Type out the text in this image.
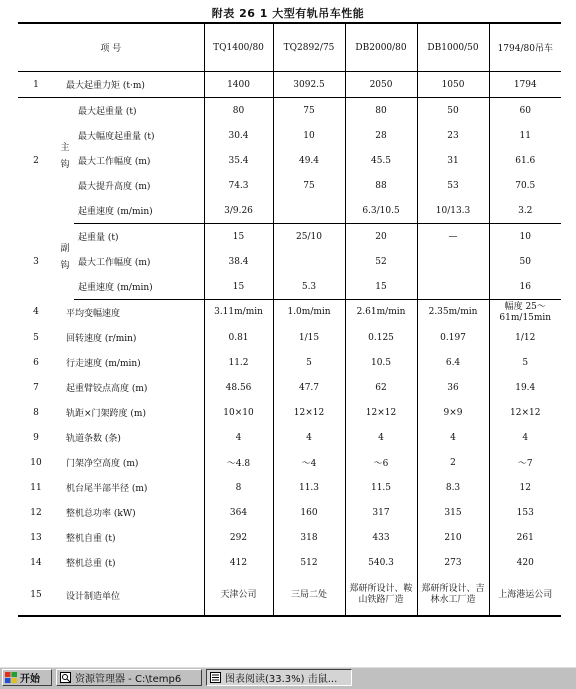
附表 26 1 大型有轨吊车性能
项 号			TQ1400/80	TQ2892/75	DB2000/80	DB1000/50	1794/80吊车
1	最大起重力矩 (t·m)		1400	3092.5	2050	1050	1794
2	主钩	最大起重量 (t)	80	75	80	50	60
		最大幅度起重量 (t)	30.4	10	28	23	11
		最大工作幅度 (m)	35.4	49.4	45.5	31	61.6
		最大提升高度 (m)	74.3	75	88	53	70.5
		起重速度 (m/min)	3/9.26		6.3/10.5	10/13.3	3.2
3	副钩	起重量 (t)	15	25/10	20	—	10
		最大工作幅度 (m)	38.4		52		50
		起重速度 (m/min)	15	5.3	15		16
4	平均变幅速度		3.11m/min	1.0m/min	2.61m/min	2.35m/min	幅度 25～61m/15min
5	回转速度 (r/min)		0.81	1/15	0.125	0.197	1/12
6	行走速度 (m/min)		11.2	5	10.5	6.4	5
7	起重臂铰点高度 (m)		48.56	47.7	62	36	19.4
8	轨距×门架跨度 (m)		10×10	12×12	12×12	9×9	12×12
9	轨道条数 (条)		4	4	4	4	4
10	门架净空高度 (m)		～4.8	～4	～6	2	～7
11	机台尾半部半径 (m)		8	11.3	11.5	8.3	12
12	整机总功率 (kW)		364	160	317	315	153
13	整机自重 (t)		292	318	433	210	261
14	整机总重 (t)		412	512	540.3	273	420
15	设计制造单位		天津公司	三局二处	郑研所设计、鞍山铁路厂造	郑研所设计、吉林水工厂造	上海港运公司
开始	资源管理器 - C:\temp6	图表阅读(33.3%) 击鼠...
